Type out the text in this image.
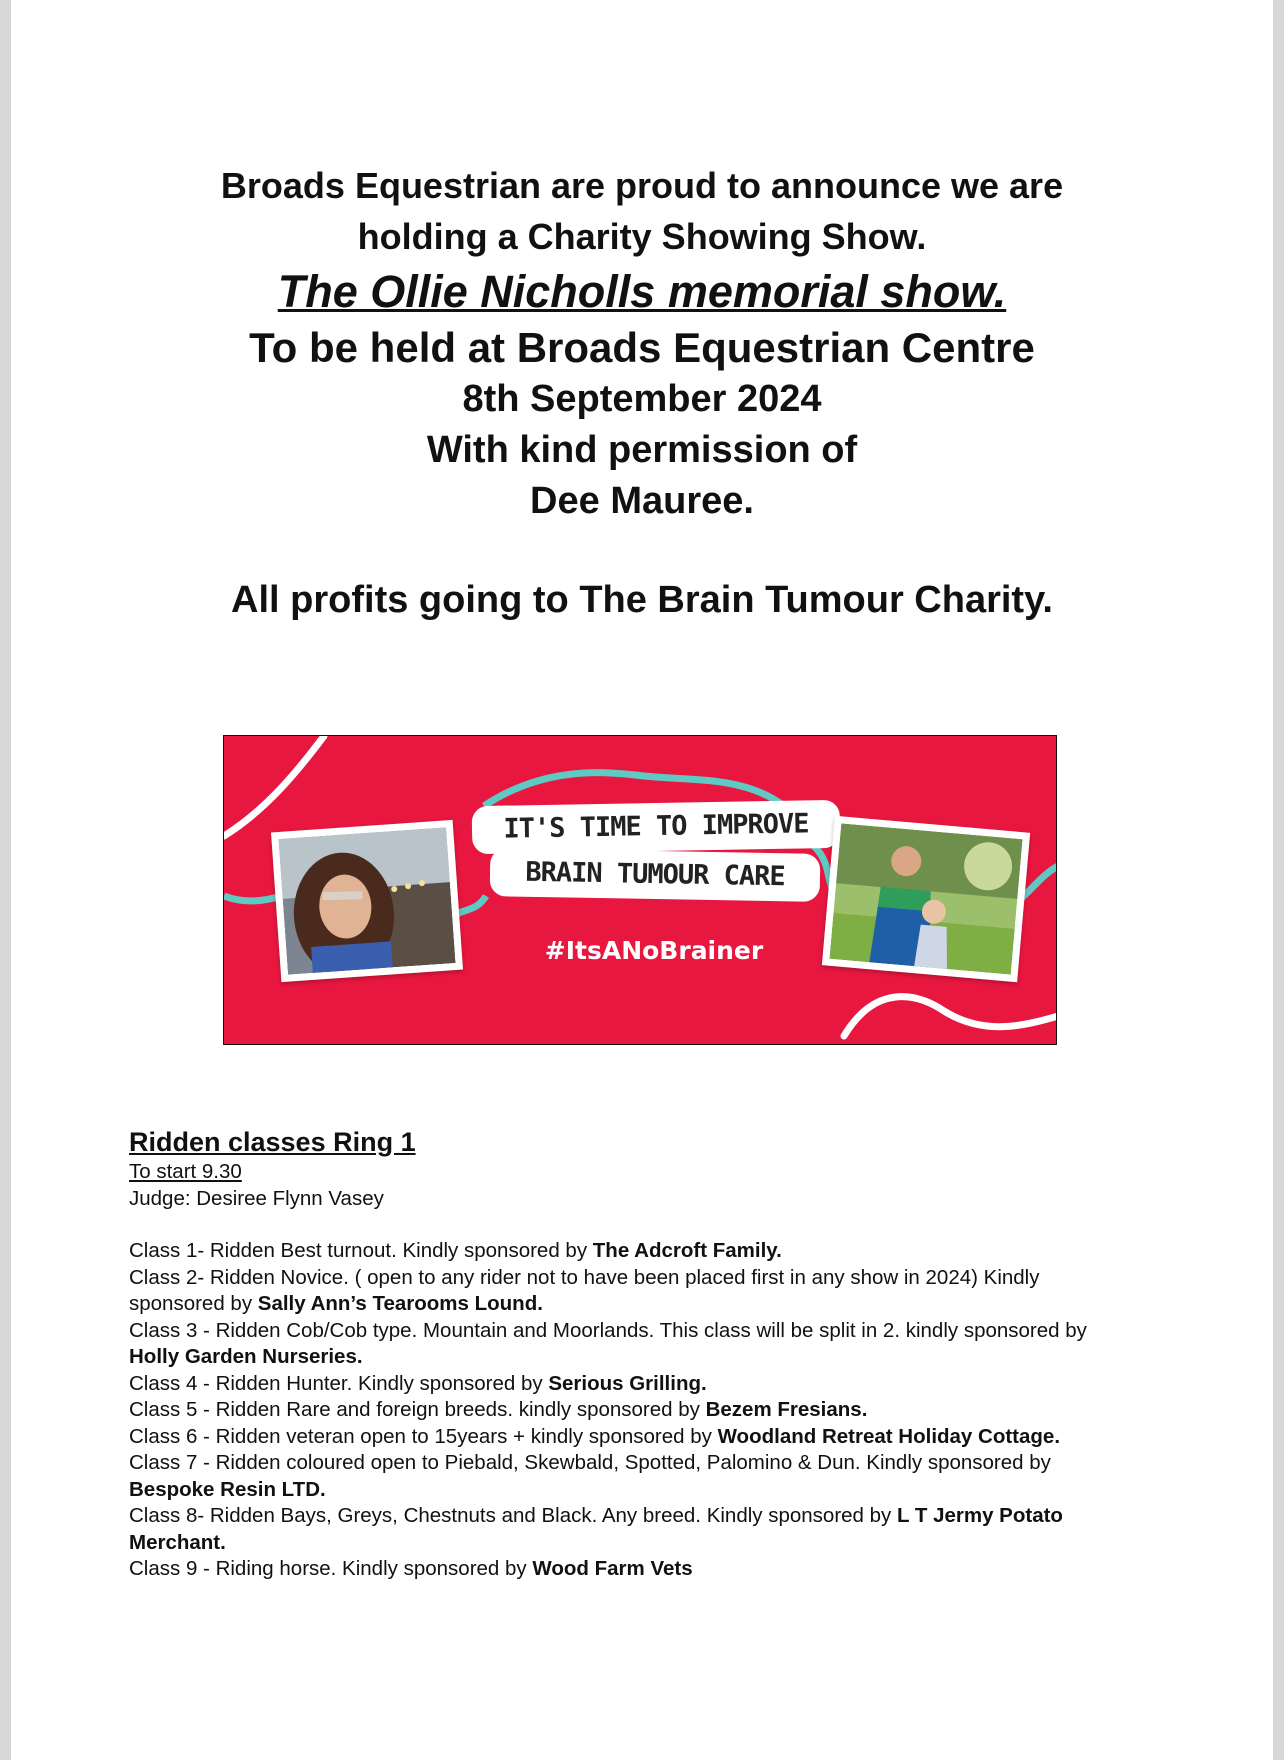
Broads Equestrian are proud to announce we are
holding a Charity Showing Show.
The Ollie Nicholls memorial show.
To be held at Broads Equestrian Centre
8th September 2024
With kind permission of
Dee Mauree.
All profits going to The Brain Tumour Charity.
IT'S TIME TO IMPROVE
BRAIN TUMOUR CARE
#ItsANoBrainer
Ridden classes Ring 1
To start 9.30
Judge: Desiree Flynn Vasey
Class 1- Ridden Best turnout. Kindly sponsored by The Adcroft Family.
Class 2- Ridden Novice. ( open to any rider not to have been placed first in any show in 2024) Kindly sponsored by Sally Ann’s Tearooms Lound.
Class 3 - Ridden Cob/Cob type. Mountain and Moorlands. This class will be split in 2. kindly sponsored by Holly Garden Nurseries.
Class 4 - Ridden Hunter. Kindly sponsored by Serious Grilling.
Class 5 - Ridden Rare and foreign breeds. kindly sponsored by Bezem Fresians.
Class 6 - Ridden veteran open to 15years + kindly sponsored by Woodland Retreat Holiday Cottage.
Class 7 - Ridden coloured open to Piebald, Skewbald, Spotted, Palomino & Dun. Kindly sponsored by Bespoke Resin LTD.
Class 8- Ridden Bays, Greys, Chestnuts and Black. Any breed. Kindly sponsored by L T Jermy Potato Merchant.
Class 9 - Riding horse. Kindly sponsored by Wood Farm Vets
